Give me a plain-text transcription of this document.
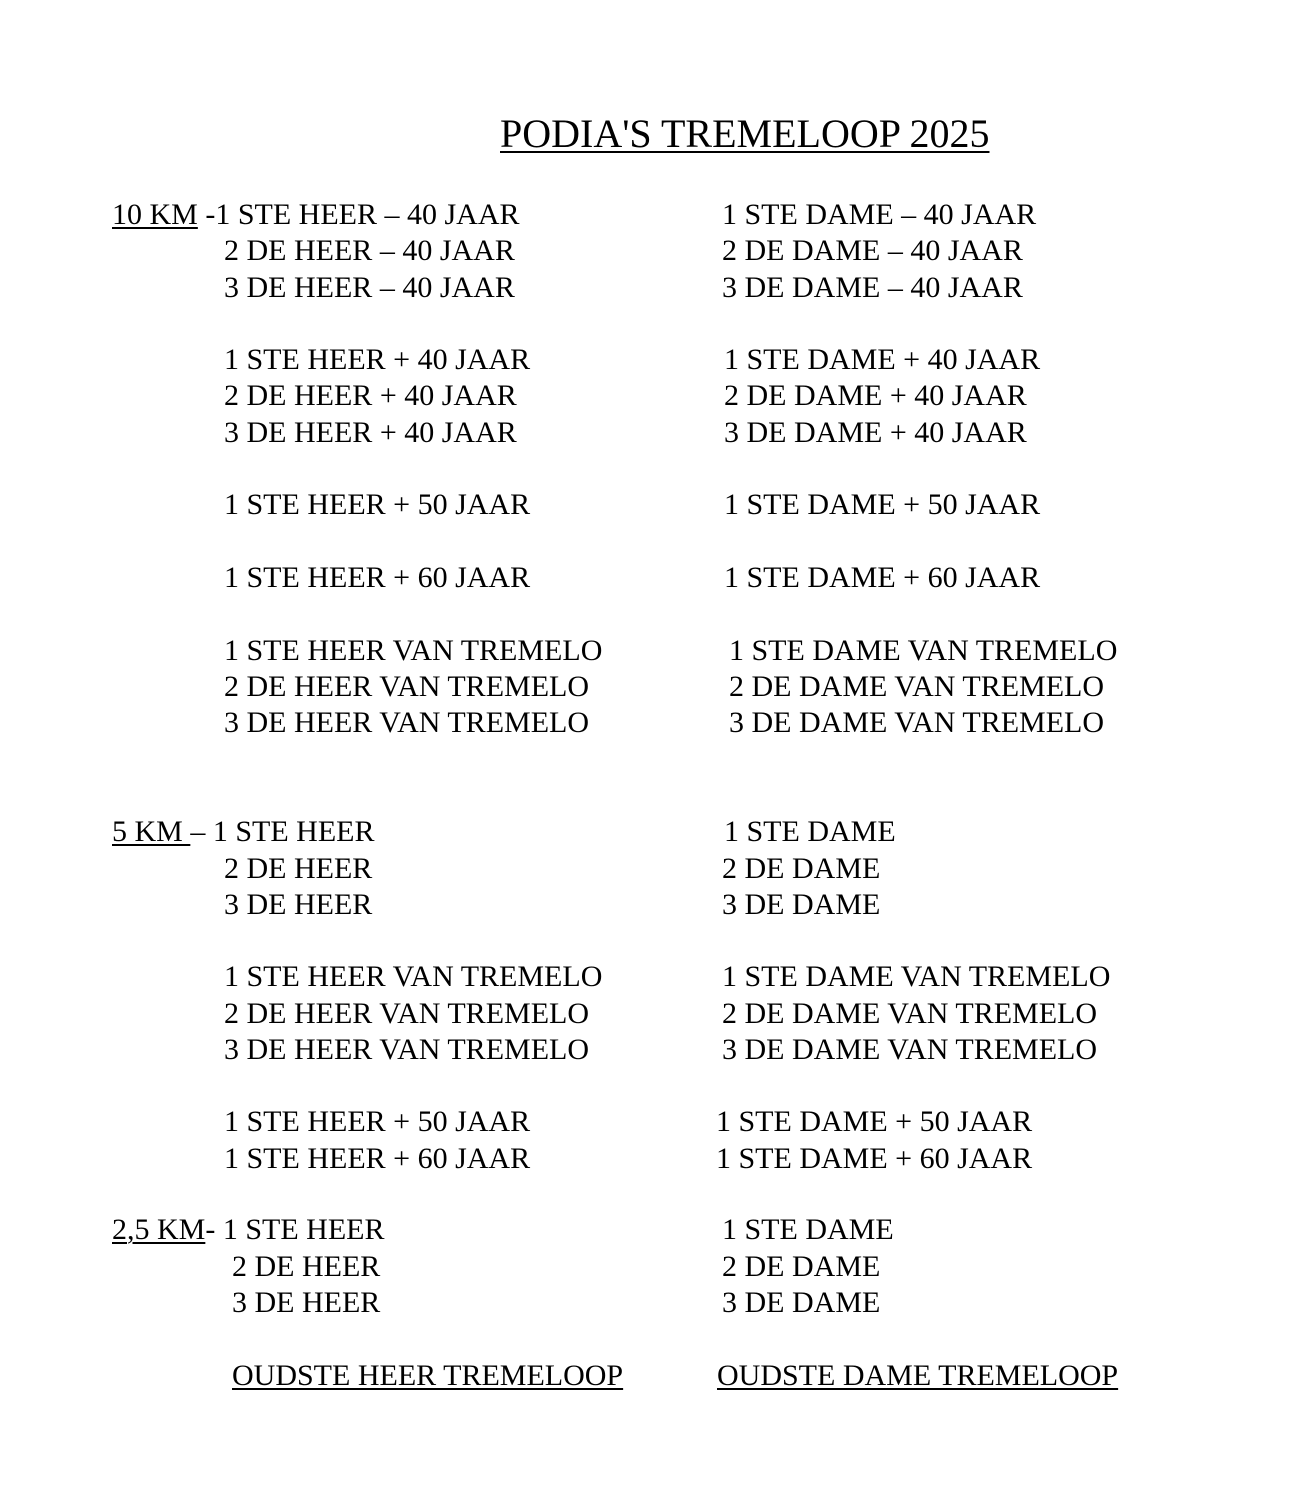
PODIA'S TREMELOOP 2025
10 KM -1 STE HEER – 40 JAAR
2 DE HEER – 40 JAAR
3 DE HEER – 40 JAAR
1 STE HEER + 40 JAAR
2 DE HEER + 40 JAAR
3 DE HEER + 40 JAAR
1 STE HEER + 50 JAAR
1 STE HEER + 60 JAAR
1 STE HEER VAN TREMELO
2 DE HEER VAN TREMELO
3 DE HEER VAN TREMELO
1 STE DAME – 40 JAAR
2 DE DAME – 40 JAAR
3 DE DAME – 40 JAAR
1 STE DAME + 40 JAAR
2 DE DAME + 40 JAAR
3 DE DAME + 40 JAAR
1 STE DAME + 50 JAAR
1 STE DAME + 60 JAAR
1 STE DAME VAN TREMELO
2 DE DAME VAN TREMELO
3 DE DAME VAN TREMELO
5 KM – 1 STE HEER
2 DE HEER
3 DE HEER
1 STE HEER VAN TREMELO
2 DE HEER VAN TREMELO
3 DE HEER VAN TREMELO
1 STE HEER + 50 JAAR
1 STE HEER + 60 JAAR
1 STE DAME
2 DE DAME
3 DE DAME
1 STE DAME VAN TREMELO
2 DE DAME VAN TREMELO
3 DE DAME VAN TREMELO
1 STE DAME + 50 JAAR
1 STE DAME + 60 JAAR
2,5 KM- 1 STE HEER
2 DE HEER
3 DE HEER
1 STE DAME
2 DE DAME
3 DE DAME
OUDSTE HEER TREMELOOP	OUDSTE DAME TREMELOOP
